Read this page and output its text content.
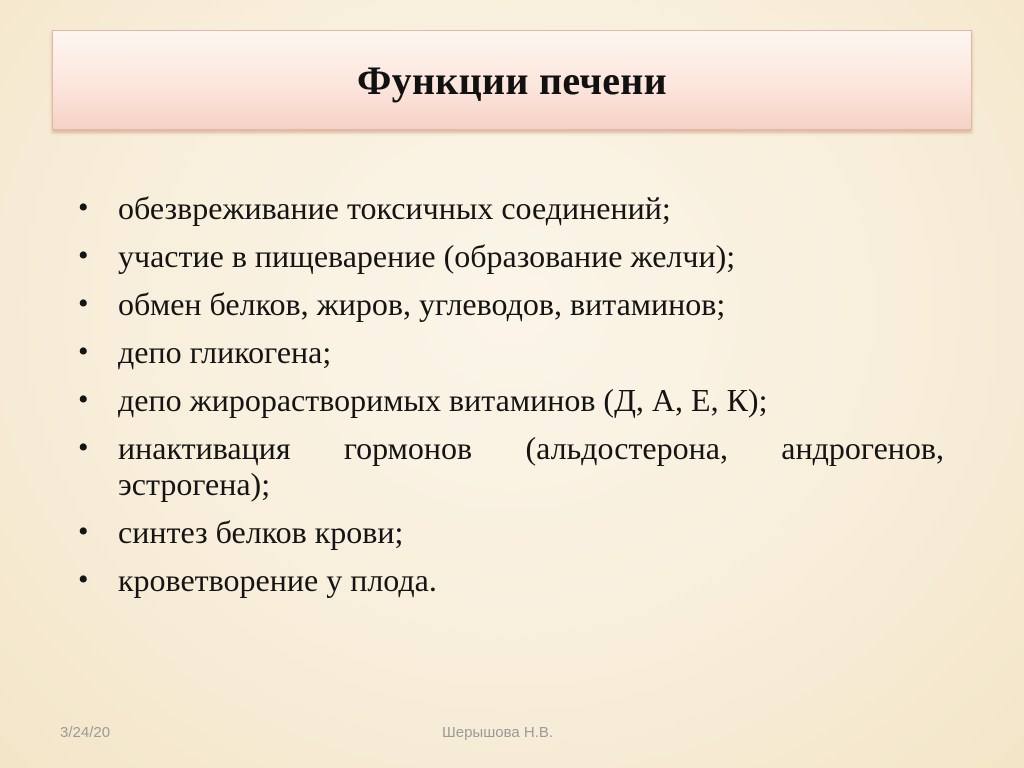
Функции печени
• обезвреживание токсичных соединений;
• участие в пищеварение (образование желчи);
• обмен белков, жиров, углеводов, витаминов;
• депо гликогена;
• депо жирорастворимых витаминов (Д, А, Е, К);
• инактивация гормонов (альдостерона, андрогенов,
эстрогена);
• синтез белков крови;
• кроветворение у плода.
3/24/20	Шерышова Н.В.
